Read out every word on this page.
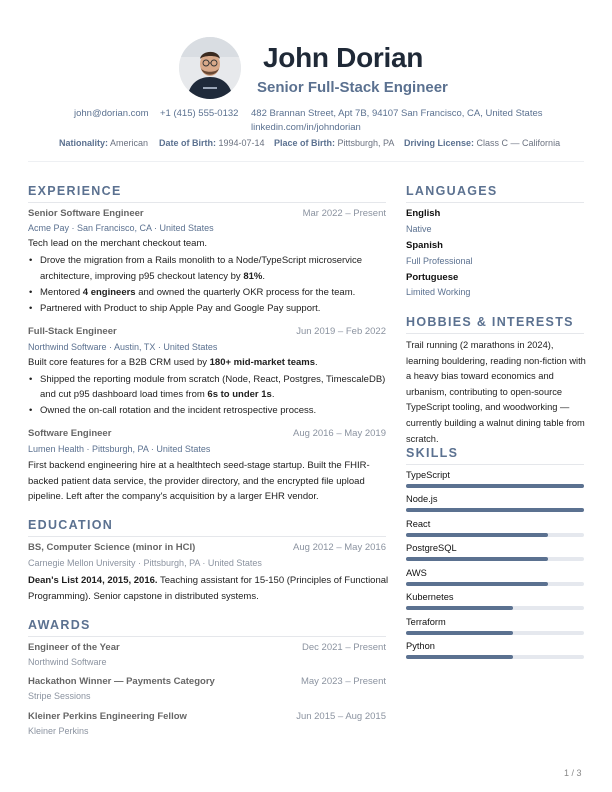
John Dorian
Senior Full-Stack Engineer
john@dorian.com +1 (415) 555-0132 482 Brannan Street, Apt 7B, 94107 San Francisco, CA, United States
linkedin.com/in/johndorian
Nationality: American Date of Birth: 1994-07-14 Place of Birth: Pittsburgh, PA Driving License: Class C — California
EXPERIENCE
Senior Software Engineer	Mar 2022 – Present
Acme Pay · San Francisco, CA · United States
Tech lead on the merchant checkout team.
• Drove the migration from a Rails monolith to a Node/TypeScript microservice
architecture, improving p95 checkout latency by 81%.
• Mentored 4 engineers and owned the quarterly OKR process for the team.
• Partnered with Product to ship Apple Pay and Google Pay support.
Full-Stack Engineer	Jun 2019 – Feb 2022
Northwind Software · Austin, TX · United States
Built core features for a B2B CRM used by 180+ mid-market teams.
• Shipped the reporting module from scratch (Node, React, Postgres, TimescaleDB)
and cut p95 dashboard load times from 6s to under 1s.
• Owned the on-call rotation and the incident retrospective process.
Software Engineer	Aug 2016 – May 2019
Lumen Health · Pittsburgh, PA · United States
First backend engineering hire at a healthtech seed-stage startup. Built the FHIR-
backed patient data service, the provider directory, and the encrypted file upload
pipeline. Left after the company's acquisition by a larger EHR vendor.
EDUCATION
BS, Computer Science (minor in HCI)	Aug 2012 – May 2016
Carnegie Mellon University · Pittsburgh, PA · United States
Dean's List 2014, 2015, 2016. Teaching assistant for 15-150 (Principles of Functional
Programming). Senior capstone in distributed systems.
AWARDS
Engineer of the Year	Dec 2021 – Present
Northwind Software
Hackathon Winner — Payments Category	May 2023 – Present
Stripe Sessions
Kleiner Perkins Engineering Fellow	Jun 2015 – Aug 2015
Kleiner Perkins
LANGUAGES
English
Native
Spanish
Full Professional
Portuguese
Limited Working
HOBBIES & INTERESTS
Trail running (2 marathons in 2024), learning bouldering, reading non-fiction with a heavy bias toward economics and urbanism, contributing to open-source TypeScript tooling, and woodworking — currently building a walnut dining table from scratch.
SKILLS
TypeScript
Node.js
React
PostgreSQL
AWS
Kubernetes
Terraform
Python
1 / 3
